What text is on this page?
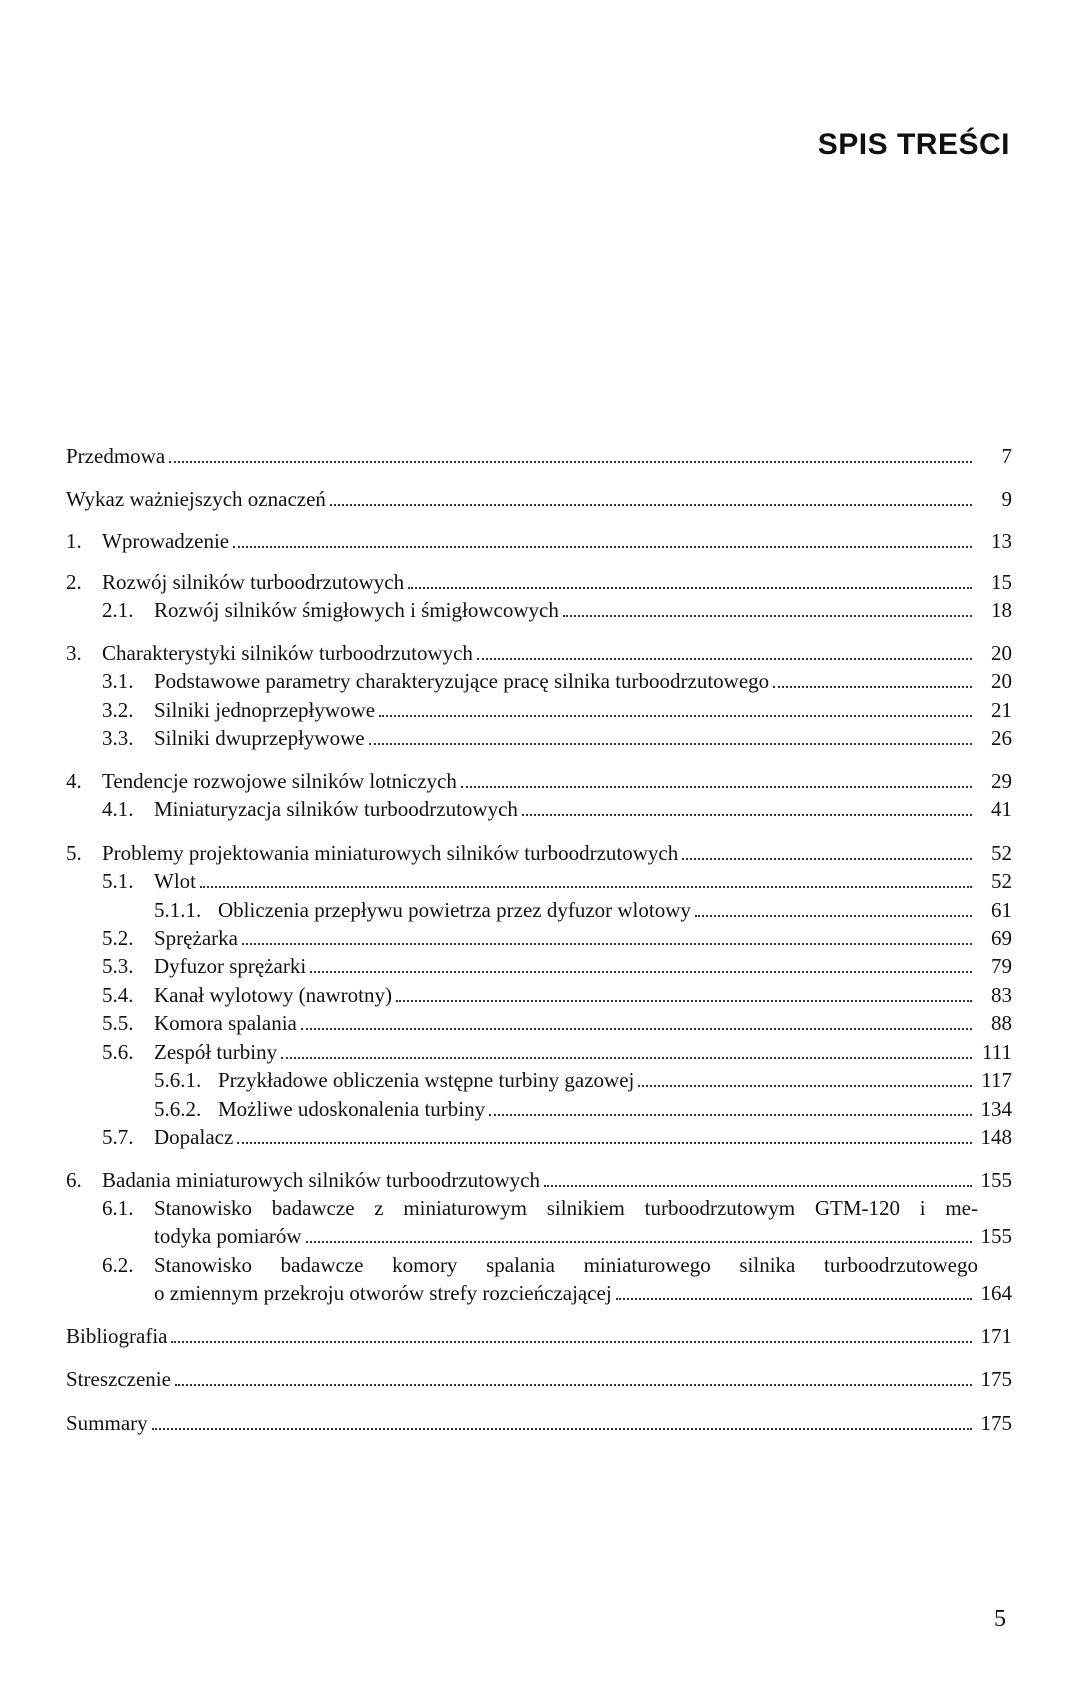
SPIS TREŚCI
Przedmowa	7
Wykaz ważniejszych oznaczeń	9
1. Wprowadzenie	13
2. Rozwój silników turboodrzutowych	15
2.1. Rozwój silników śmigłowych i śmigłowcowych	18
3. Charakterystyki silników turboodrzutowych	20
3.1. Podstawowe parametry charakteryzujące pracę silnika turboodrzutowego	20
3.2. Silniki jednoprzepływowe	21
3.3. Silniki dwuprzepływowe	26
4. Tendencje rozwojowe silników lotniczych	29
4.1. Miniaturyzacja silników turboodrzutowych	41
5. Problemy projektowania miniaturowych silników turboodrzutowych	52
5.1. Wlot	52
5.1.1. Obliczenia przepływu powietrza przez dyfuzor wlotowy	61
5.2. Sprężarka	69
5.3. Dyfuzor sprężarki	79
5.4. Kanał wylotowy (nawrotny)	83
5.5. Komora spalania	88
5.6. Zespół turbiny	111
5.6.1. Przykładowe obliczenia wstępne turbiny gazowej	117
5.6.2. Możliwe udoskonalenia turbiny	134
5.7. Dopalacz	148
6. Badania miniaturowych silników turboodrzutowych	155
6.1. Stanowisko badawcze z miniaturowym silnikiem turboodrzutowym GTM-120 i me-
todyka pomiarów	155
6.2. Stanowisko badawcze komory spalania miniaturowego silnika turboodrzutowego
o zmiennym przekroju otworów strefy rozcieńczającej	164
Bibliografia	171
Streszczenie	175
Summary	175
5
